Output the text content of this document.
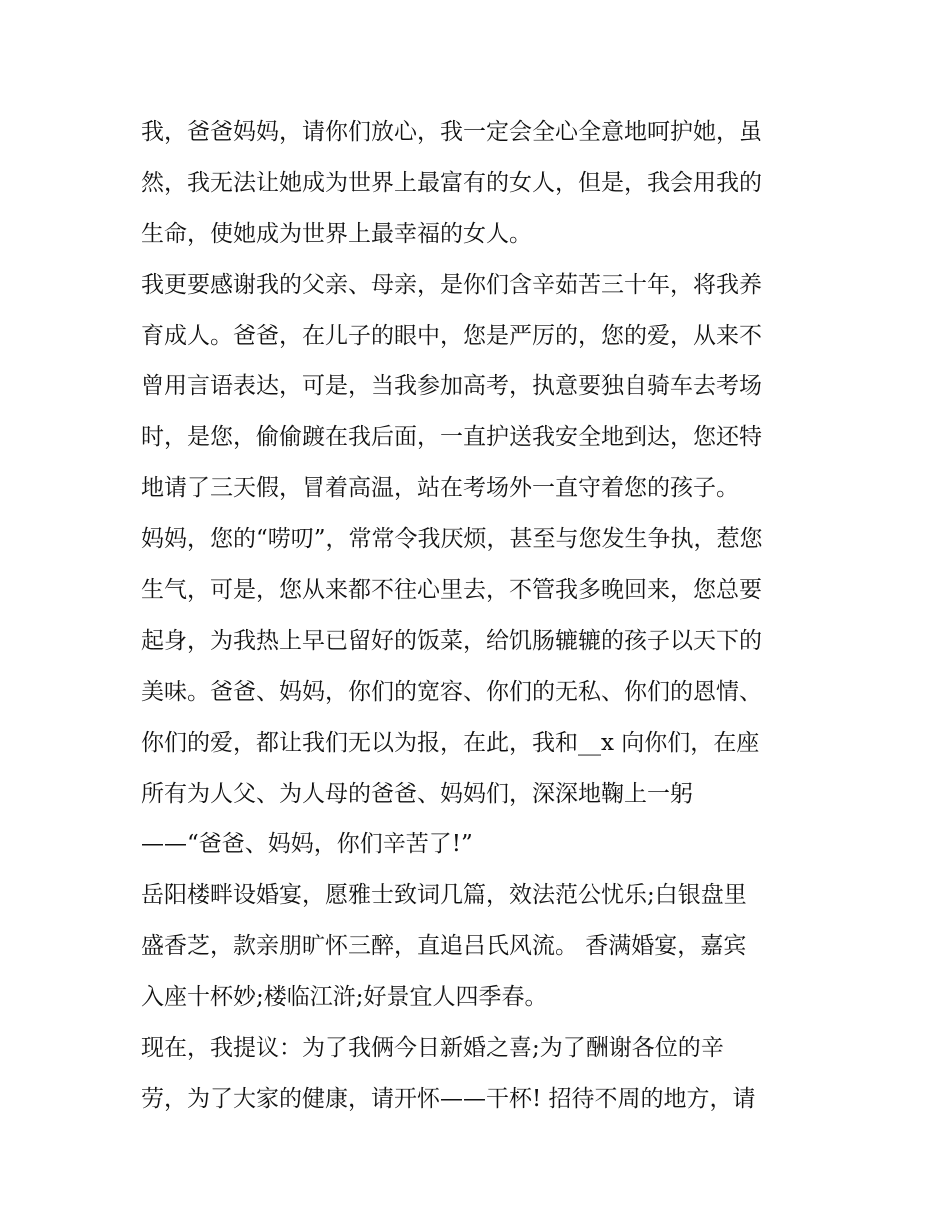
我，爸爸妈妈，请你们放心，我一定会全心全意地呵护她，虽
然，我无法让她成为世界上最富有的女人，但是，我会用我的
生命，使她成为世界上最幸福的女人。
我更要感谢我的父亲、母亲，是你们含辛茹苦三十年，将我养
育成人。爸爸，在儿子的眼中，您是严厉的，您的爱，从来不
曾用言语表达，可是，当我参加高考，执意要独自骑车去考场
时，是您，偷偷踱在我后面，一直护送我安全地到达，您还特
地请了三天假，冒着高温，站在考场外一直守着您的孩子。
妈妈，您的“唠叨”，常常令我厌烦，甚至与您发生争执，惹您
生气，可是，您从来都不往心里去，不管我多晚回来，您总要
起身，为我热上早已留好的饭菜，给饥肠辘辘的孩子以天下的
美味。爸爸、妈妈，你们的宽容、你们的无私、你们的恩情、
你们的爱，都让我们无以为报，在此，我和__x 向你们，在座
所有为人父、为人母的爸爸、妈妈们，深深地鞠上一躬
——“爸爸、妈妈，你们辛苦了!”
岳阳楼畔设婚宴，愿雅士致词几篇，效法范公忧乐;白银盘里
盛香芝，款亲朋旷怀三醉，直追吕氏风流。 香满婚宴，嘉宾
入座十杯妙;楼临江浒;好景宜人四季春。
现在，我提议：为了我俩今日新婚之喜;为了酬谢各位的辛
劳，为了大家的健康，请开怀——干杯! 招待不周的地方，请
